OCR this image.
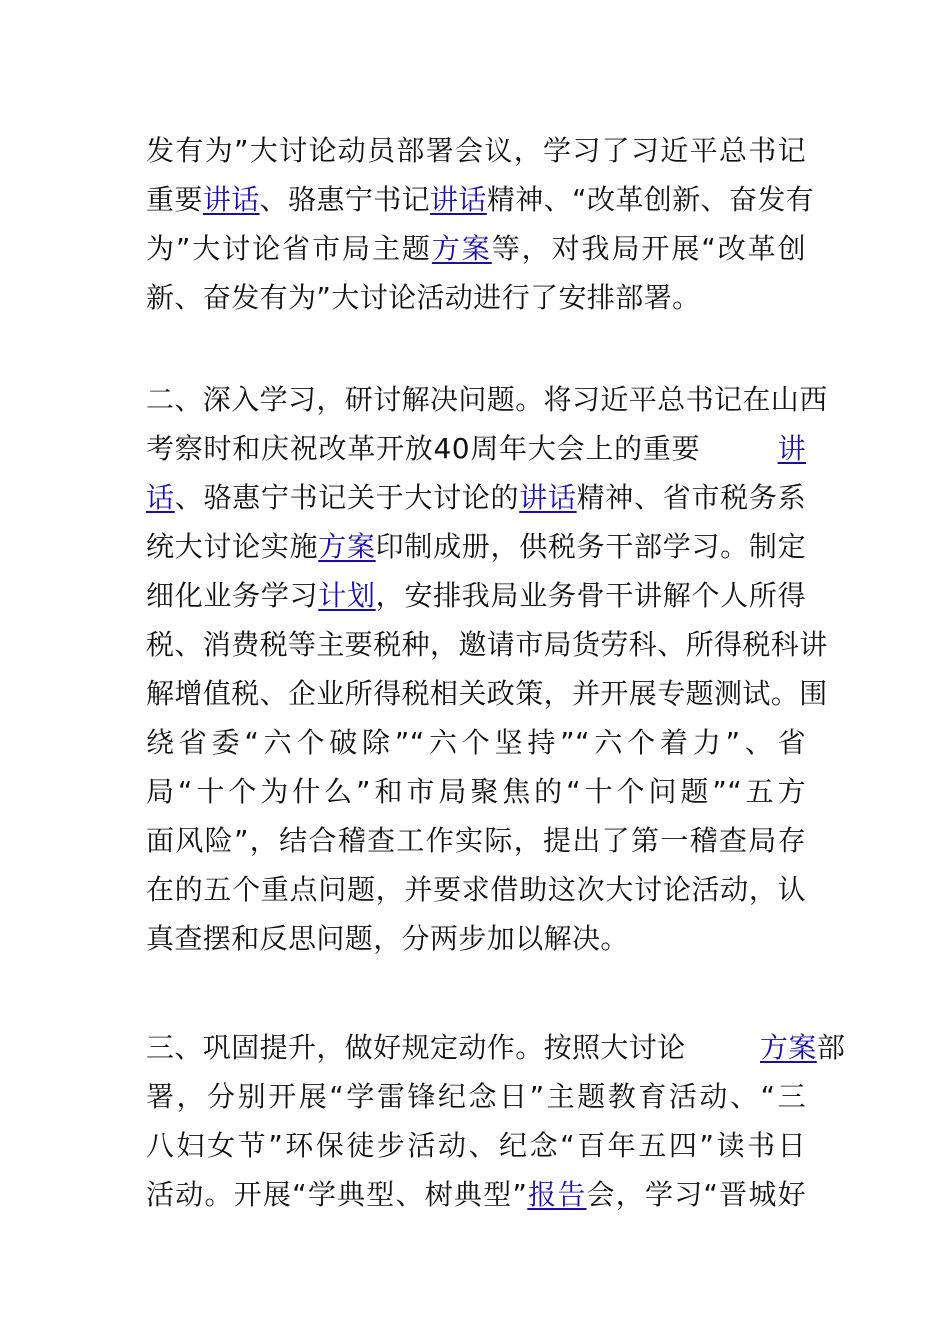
发有为”大讨论动员部署会议，学习了习近平总书记
重要讲话、骆惠宁书记讲话精神、“改革创新、奋发有
为”大讨论省市局主题方案等，对我局开展“改革创
新、奋发有为”大讨论活动进行了安排部署。
二、深入学习，研讨解决问题。将习近平总书记在山西
考察时和庆祝改革开放40周年大会上的重要        讲
话、骆惠宁书记关于大讨论的讲话精神、省市税务系
统大讨论实施方案印制成册，供税务干部学习。制定
细化业务学习计划，安排我局业务骨干讲解个人所得
税、消费税等主要税种，邀请市局货劳科、所得税科讲
解增值税、企业所得税相关政策，并开展专题测试。围
绕省委“六个破除”“六个坚持”“六个着力”、省
局“十个为什么”和市局聚焦的“十个问题”“五方
面风险”，结合稽查工作实际，提出了第一稽查局存
在的五个重点问题，并要求借助这次大讨论活动，认
真查摆和反思问题，分两步加以解决。
三、巩固提升，做好规定动作。按照大讨论        方案部
署，分别开展“学雷锋纪念日”主题教育活动、“三
八妇女节”环保徒步活动、纪念“百年五四”读书日
活动。开展“学典型、树典型”报告会，学习“晋城好
